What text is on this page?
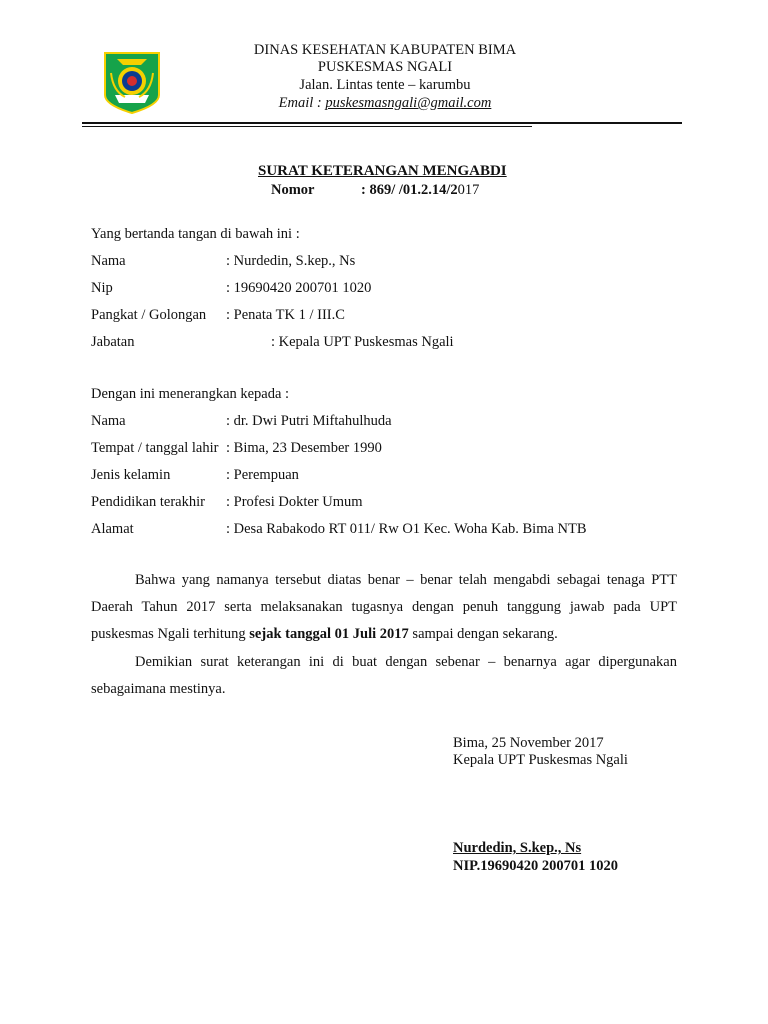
DINAS KESEHATAN KABUPATEN BIMA
PUSKESMAS NGALI
Jalan. Lintas tente – karumbu
Email : puskesmasngali@gmail.com
SURAT KETERANGAN MENGABDI
Nomor	: 869/ /01.2.14/2017
Yang bertanda tangan di bawah ini :
Nama	: Nurdedin, S.kep., Ns
Nip	: 19690420 200701 1020
Pangkat / Golongan : Penata TK 1 / III.C
Jabatan	: Kepala UPT Puskesmas Ngali
Dengan ini menerangkan kepada :
Nama	: dr. Dwi Putri Miftahulhuda
Tempat / tanggal lahir : Bima, 23 Desember 1990
Jenis kelamin	: Perempuan
Pendidikan terakhir : Profesi Dokter Umum
Alamat	: Desa Rabakodo RT 011/ Rw O1 Kec. Woha Kab. Bima NTB
Bahwa yang namanya tersebut diatas benar – benar telah mengabdi sebagai tenaga PTT Daerah Tahun 2017 serta melaksanakan tugasnya dengan penuh tanggung jawab pada UPT puskesmas Ngali terhitung sejak tanggal 01 Juli 2017 sampai dengan sekarang.
Demikian surat keterangan ini di buat dengan sebenar – benarnya agar dipergunakan sebagaimana mestinya.
Bima, 25 November 2017
Kepala UPT Puskesmas Ngali
Nurdedin, S.kep., Ns
NIP.19690420 200701 1020
